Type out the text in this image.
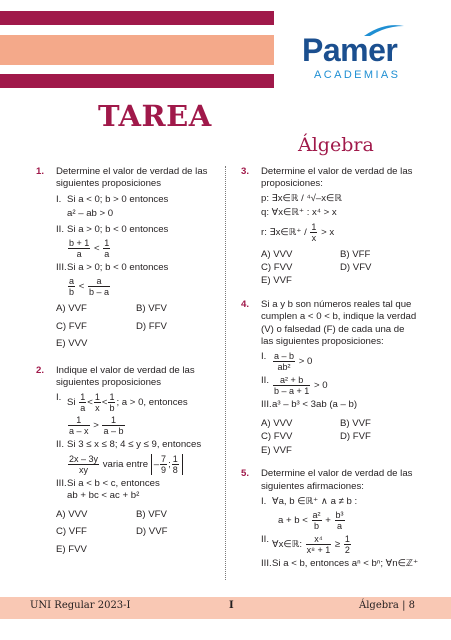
Pamer
ACADEMIAS
TAREA
Álgebra
1. Determine el valor de verdad de las siguientes proposiciones
I. Si a < 0; b > 0 entonces
a² – ab > 0
II. Si a > 0; b < 0 entonces
$\frac{b + 1}{a} < \frac{1}{a}$
III. Si a > 0; b < 0 entonces
$\frac{a}{b} < \frac{a}{b - a}$
A) VVF	B) VFV
C) FVF	D) FFV
E) VVV
2. Indique el valor de verdad de las siguientes proposiciones
I. Si $\frac{1}{a} < \frac{1}{x} < \frac{1}{b}$ ; a > 0, entonces
$\frac{1}{a - x} > \frac{1}{a - b}$
II. Si 3 ≤ x ≤ 8; 4 ≤ y ≤ 9, entonces
$\frac{2x - 3y}{xy}$ varia entre – $\frac{7}{9}$ ; $\frac{1}{8}$
III. Si a < b < c, entonces
ab + bc < ac + b²
A) VVV	B) VFV
C) VFF	D) VVF
E) FVV
3. Determine el valor de verdad de las proposiciones:
p: ∃x∈ℝ / ⁴√–x∈ℝ
q: ∀x∈ℝ⁺ : x⁴ > x
r: ∃x∈ℝ⁺ / $\frac{1}{x} > x$
A) VVV	B) VFF
C) FVV	D) VFV
E) VVF
4. Si a y b son números reales tal que cumplen a < 0 < b, indique la verdad (V) o falsedad (F) de cada una de las siguientes proposiciones:
I. $\frac{a - b}{\text{ab²}} > 0$
II. $\frac{\text{a² + b}}{b - a + 1} > 0$
III. a³ – b³ < 3ab (a – b)
A) VVV	B) VVF
C) FVV	D) FVF
E) VVF
5. Determine el valor de verdad de las siguientes afirmaciones:
I. ∀a, b ∈ℝ⁺ ∧ a ≠ b :
$a + b < \frac{\text{a²}}{b} + \frac{\text{b³}}{a}$
II. ∀x∈ℝ: $\frac{\text{x⁴}}{\text{x⁸ + 1}} \ge \frac{1}{2}$
III. Si a < b, entonces aⁿ < bⁿ; ∀n∈ℤ⁺
UNI Regular 2023-I	I	Álgebra | 8
